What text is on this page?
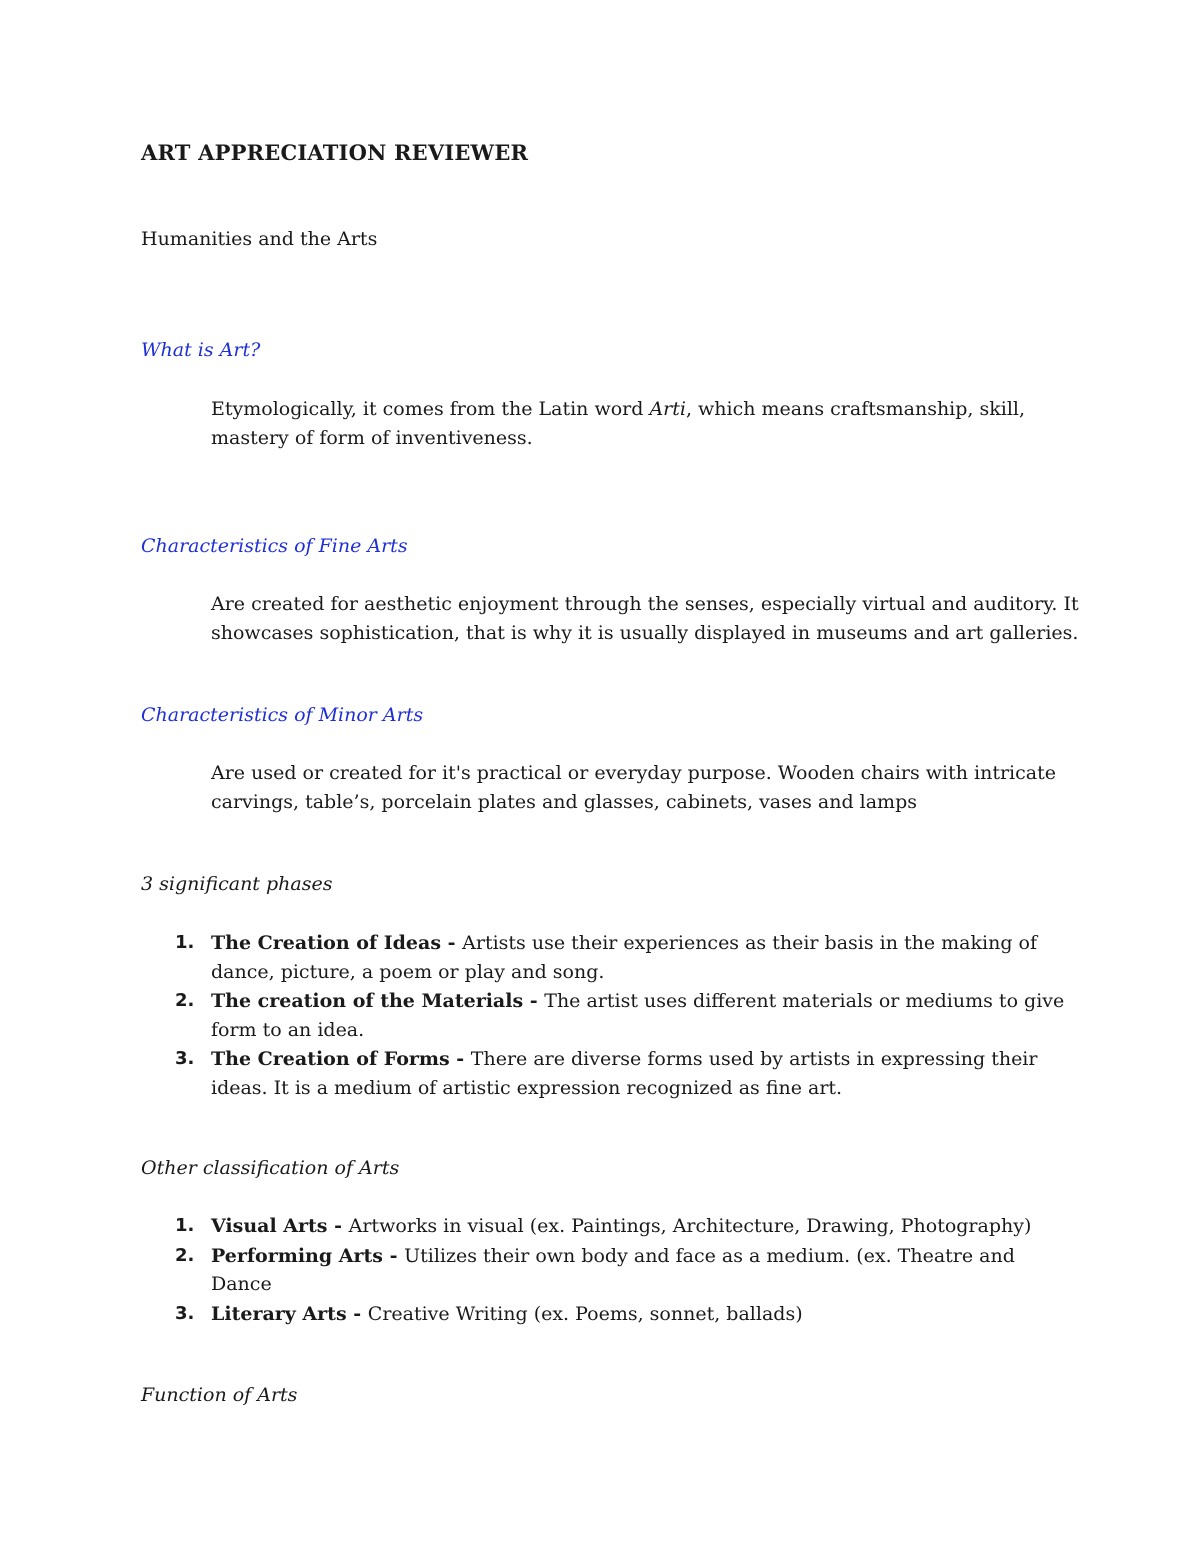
ART APPRECIATION REVIEWER
Humanities and the Arts
What is Art?
Etymologically, it comes from the Latin word Arti, which means craftsmanship, skill,
mastery of form of inventiveness.
Characteristics of Fine Arts
Are created for aesthetic enjoyment through the senses, especially virtual and auditory. It
showcases sophistication, that is why it is usually displayed in museums and art galleries.
Characteristics of Minor Arts
Are used or created for it's practical or everyday purpose. Wooden chairs with intricate
carvings, table’s, porcelain plates and glasses, cabinets, vases and lamps
3 significant phases
1. The Creation of Ideas - Artists use their experiences as their basis in the making of
dance, picture, a poem or play and song.
2. The creation of the Materials - The artist uses different materials or mediums to give
form to an idea.
3. The Creation of Forms - There are diverse forms used by artists in expressing their
ideas. It is a medium of artistic expression recognized as fine art.
Other classification of Arts
1. Visual Arts - Artworks in visual (ex. Paintings, Architecture, Drawing, Photography)
2. Performing Arts - Utilizes their own body and face as a medium. (ex. Theatre and
Dance
3. Literary Arts - Creative Writing (ex. Poems, sonnet, ballads)
Function of Arts
